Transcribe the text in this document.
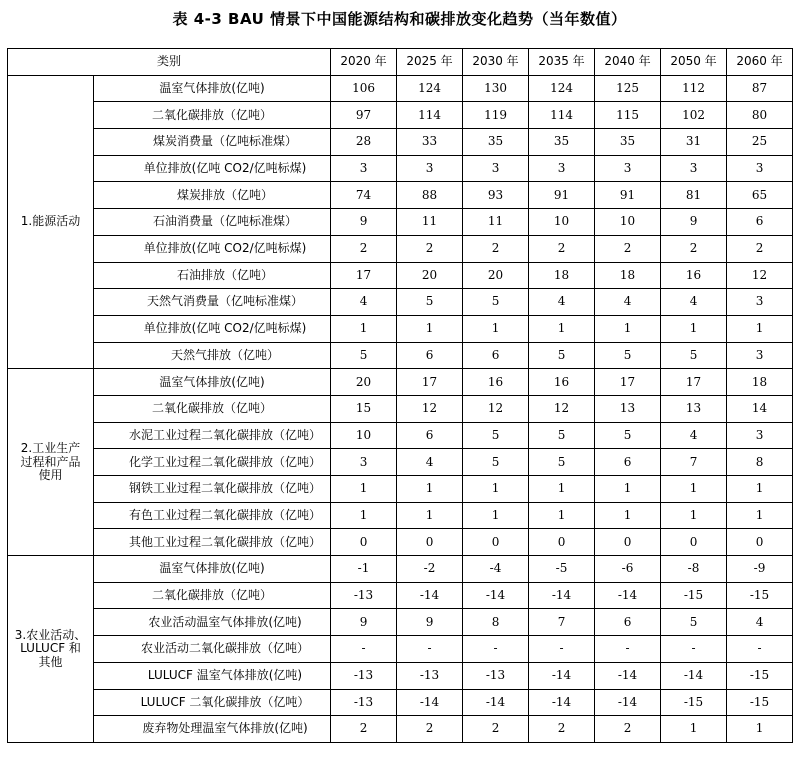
表 4-3 BAU 情景下中国能源结构和碳排放变化趋势（当年数值）
类别		2020 年	2025 年	2030 年	2035 年	2040 年	2050 年	2060 年
1.能源活动	温室气体排放(亿吨)	106	124	130	124	125	112	87
	二氧化碳排放（亿吨）	97	114	119	114	115	102	80
	煤炭消费量（亿吨标准煤）	28	33	35	35	35	31	25
	单位排放(亿吨 CO2/亿吨标煤)	3	3	3	3	3	3	3
	煤炭排放（亿吨）	74	88	93	91	91	81	65
	石油消费量（亿吨标准煤）	9	11	11	10	10	9	6
	单位排放(亿吨 CO2/亿吨标煤)	2	2	2	2	2	2	2
	石油排放（亿吨）	17	20	20	18	18	16	12
	天然气消费量（亿吨标准煤）	4	5	5	4	4	4	3
	单位排放(亿吨 CO2/亿吨标煤)	1	1	1	1	1	1	1
	天然气排放（亿吨）	5	6	6	5	5	5	3

2.工业生产
过程和产品
使用	温室气体排放(亿吨)	20	17	16	16	17	17	18
	二氧化碳排放（亿吨）	15	12	12	12	13	13	14
	水泥工业过程二氧化碳排放（亿吨）	10	6	5	5	5	4	3
	化学工业过程二氧化碳排放（亿吨）	3	4	5	5	6	7	8
	钢铁工业过程二氧化碳排放（亿吨）	1	1	1	1	1	1	1
	有色工业过程二氧化碳排放（亿吨）	1	1	1	1	1	1	1
	其他工业过程二氧化碳排放（亿吨）	0	0	0	0	0	0	0

3.农业活动、
LULUCF 和
其他	温室气体排放(亿吨)	-1	-2	-4	-5	-6	-8	-9
	二氧化碳排放（亿吨）	-13	-14	-14	-14	-14	-15	-15
	农业活动温室气体排放(亿吨)	9	9	8	7	6	5	4
	农业活动二氧化碳排放（亿吨）	-	-	-	-	-	-	-
	LULUCF 温室气体排放(亿吨)	-13	-13	-13	-14	-14	-14	-15
	LULUCF 二氧化碳排放（亿吨）	-13	-14	-14	-14	-14	-15	-15
	废弃物处理温室气体排放(亿吨)	2	2	2	2	2	1	1
